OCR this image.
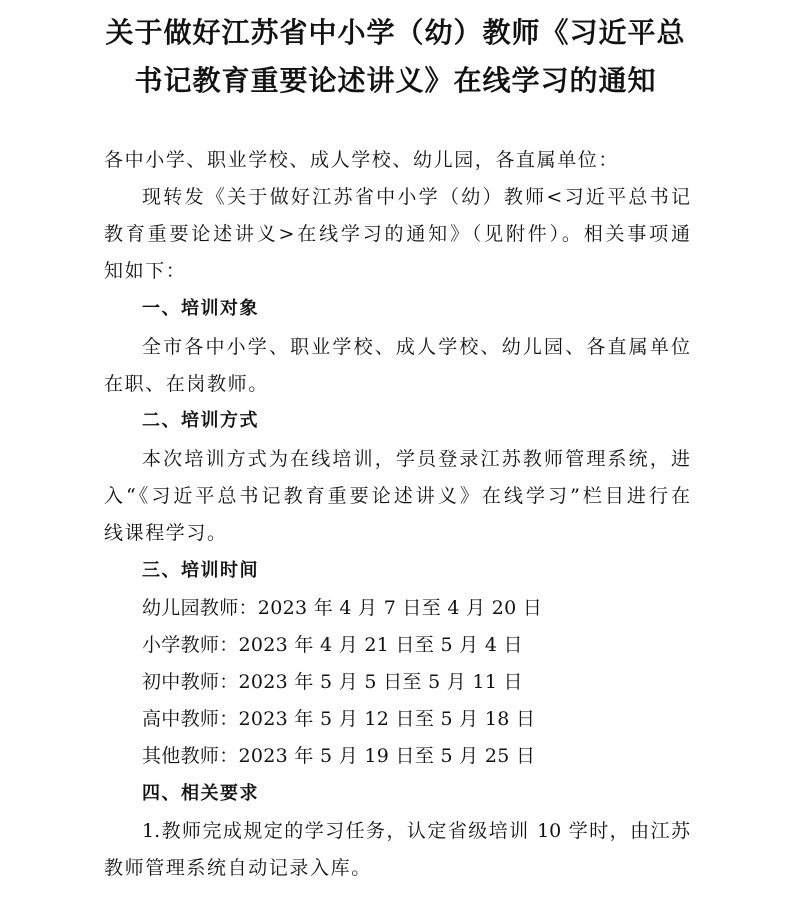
关于做好江苏省中小学（幼）教师《习近平总
书记教育重要论述讲义》在线学习的通知
各中小学、职业学校、成人学校、幼儿园，各直属单位：
现转发《关于做好江苏省中小学（幼）教师<习近平总书记
教育重要论述讲义>在线学习的通知》（见附件）。相关事项通
知如下：
一、培训对象
全市各中小学、职业学校、成人学校、幼儿园、各直属单位
在职、在岗教师。
二、培训方式
本次培训方式为在线培训，学员登录江苏教师管理系统，进
入“《习近平总书记教育重要论述讲义》在线学习”栏目进行在
线课程学习。
三、培训时间
幼儿园教师：2023 年 4 月 7 日至 4 月 20 日
小学教师：2023 年 4 月 21 日至 5 月 4 日
初中教师：2023 年 5 月 5 日至 5 月 11 日
高中教师：2023 年 5 月 12 日至 5 月 18 日
其他教师：2023 年 5 月 19 日至 5 月 25 日
四、相关要求
1.教师完成规定的学习任务，认定省级培训 10 学时，由江苏
教师管理系统自动记录入库。
